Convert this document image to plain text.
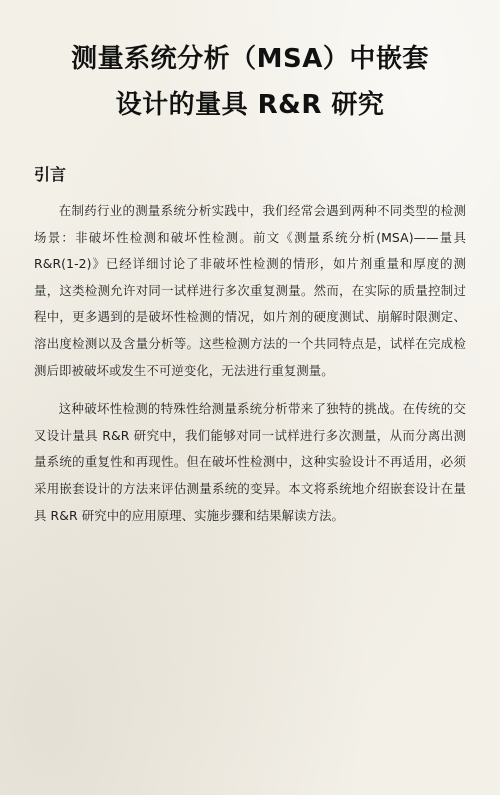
测量系统分析（MSA）中嵌套
设计的量具 R&R 研究
引言

在制药行业的测量系统分析实践中，我们经常会遇到两种不同类型的检测场景：非破坏性检测和破坏性检测。前文《测量系统分析(MSA)——量具R&R(1-2)》已经详细讨论了非破坏性检测的情形，如片剂重量和厚度的测量，这类检测允许对同一试样进行多次重复测量。然而，在实际的质量控制过程中，更多遇到的是破坏性检测的情况，如片剂的硬度测试、崩解时限测定、溶出度检测以及含量分析等。这些检测方法的一个共同特点是，试样在完成检测后即被破坏或发生不可逆变化，无法进行重复测量。

这种破坏性检测的特殊性给测量系统分析带来了独特的挑战。在传统的交叉设计量具 R&R 研究中，我们能够对同一试样进行多次测量，从而分离出测量系统的重复性和再现性。但在破坏性检测中，这种实验设计不再适用，必须采用嵌套设计的方法来评估测量系统的变异。本文将系统地介绍嵌套设计在量具 R&R 研究中的应用原理、实施步骤和结果解读方法。
